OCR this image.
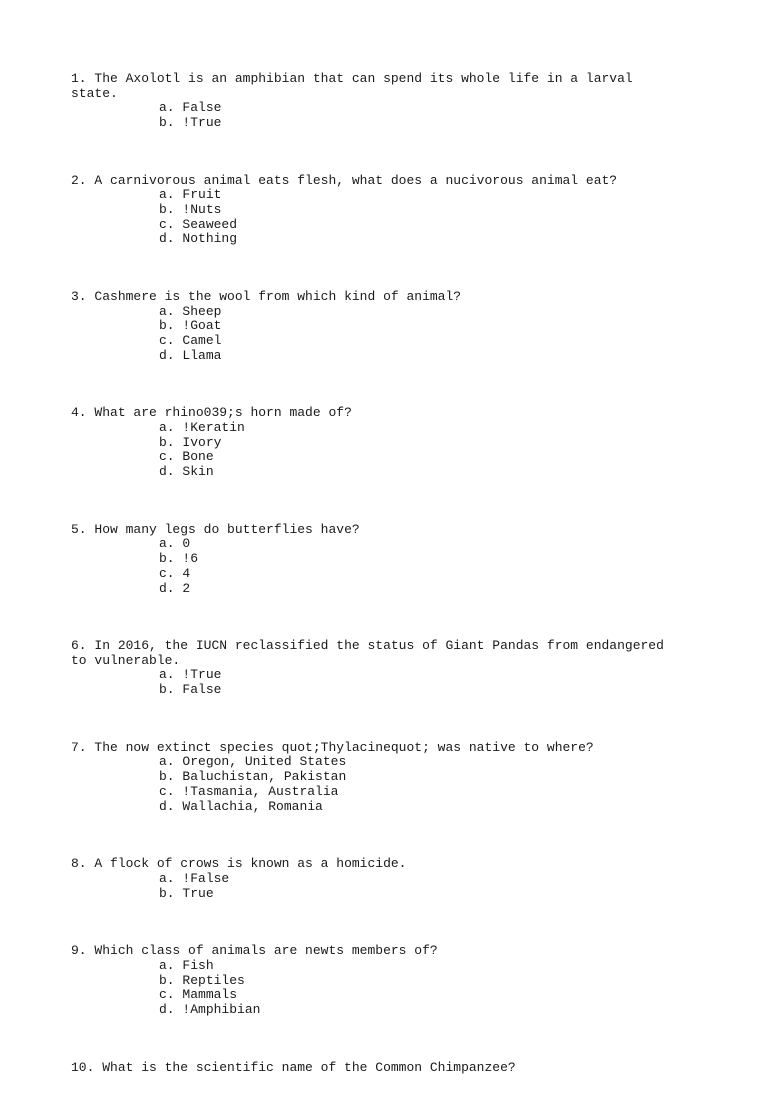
1. The Axolotl is an amphibian that can spend its whole life in a larval state.
a. False
b. !True
2. A carnivorous animal eats flesh, what does a nucivorous animal eat?
a. Fruit
b. !Nuts
c. Seaweed
d. Nothing
3. Cashmere is the wool from which kind of animal?
a. Sheep
b. !Goat
c. Camel
d. Llama
4. What are rhino039;s horn made of?
a. !Keratin
b. Ivory
c. Bone
d. Skin
5. How many legs do butterflies have?
a. 0
b. !6
c. 4
d. 2
6. In 2016, the IUCN reclassified the status of Giant Pandas from endangered to vulnerable.
a. !True
b. False
7. The now extinct species quot;Thylacinequot; was native to where?
a. Oregon, United States
b. Baluchistan, Pakistan
c. !Tasmania, Australia
d. Wallachia, Romania
8. A flock of crows is known as a homicide.
a. !False
b. True
9. Which class of animals are newts members of?
a. Fish
b. Reptiles
c. Mammals
d. !Amphibian
10. What is the scientific name of the Common Chimpanzee?
